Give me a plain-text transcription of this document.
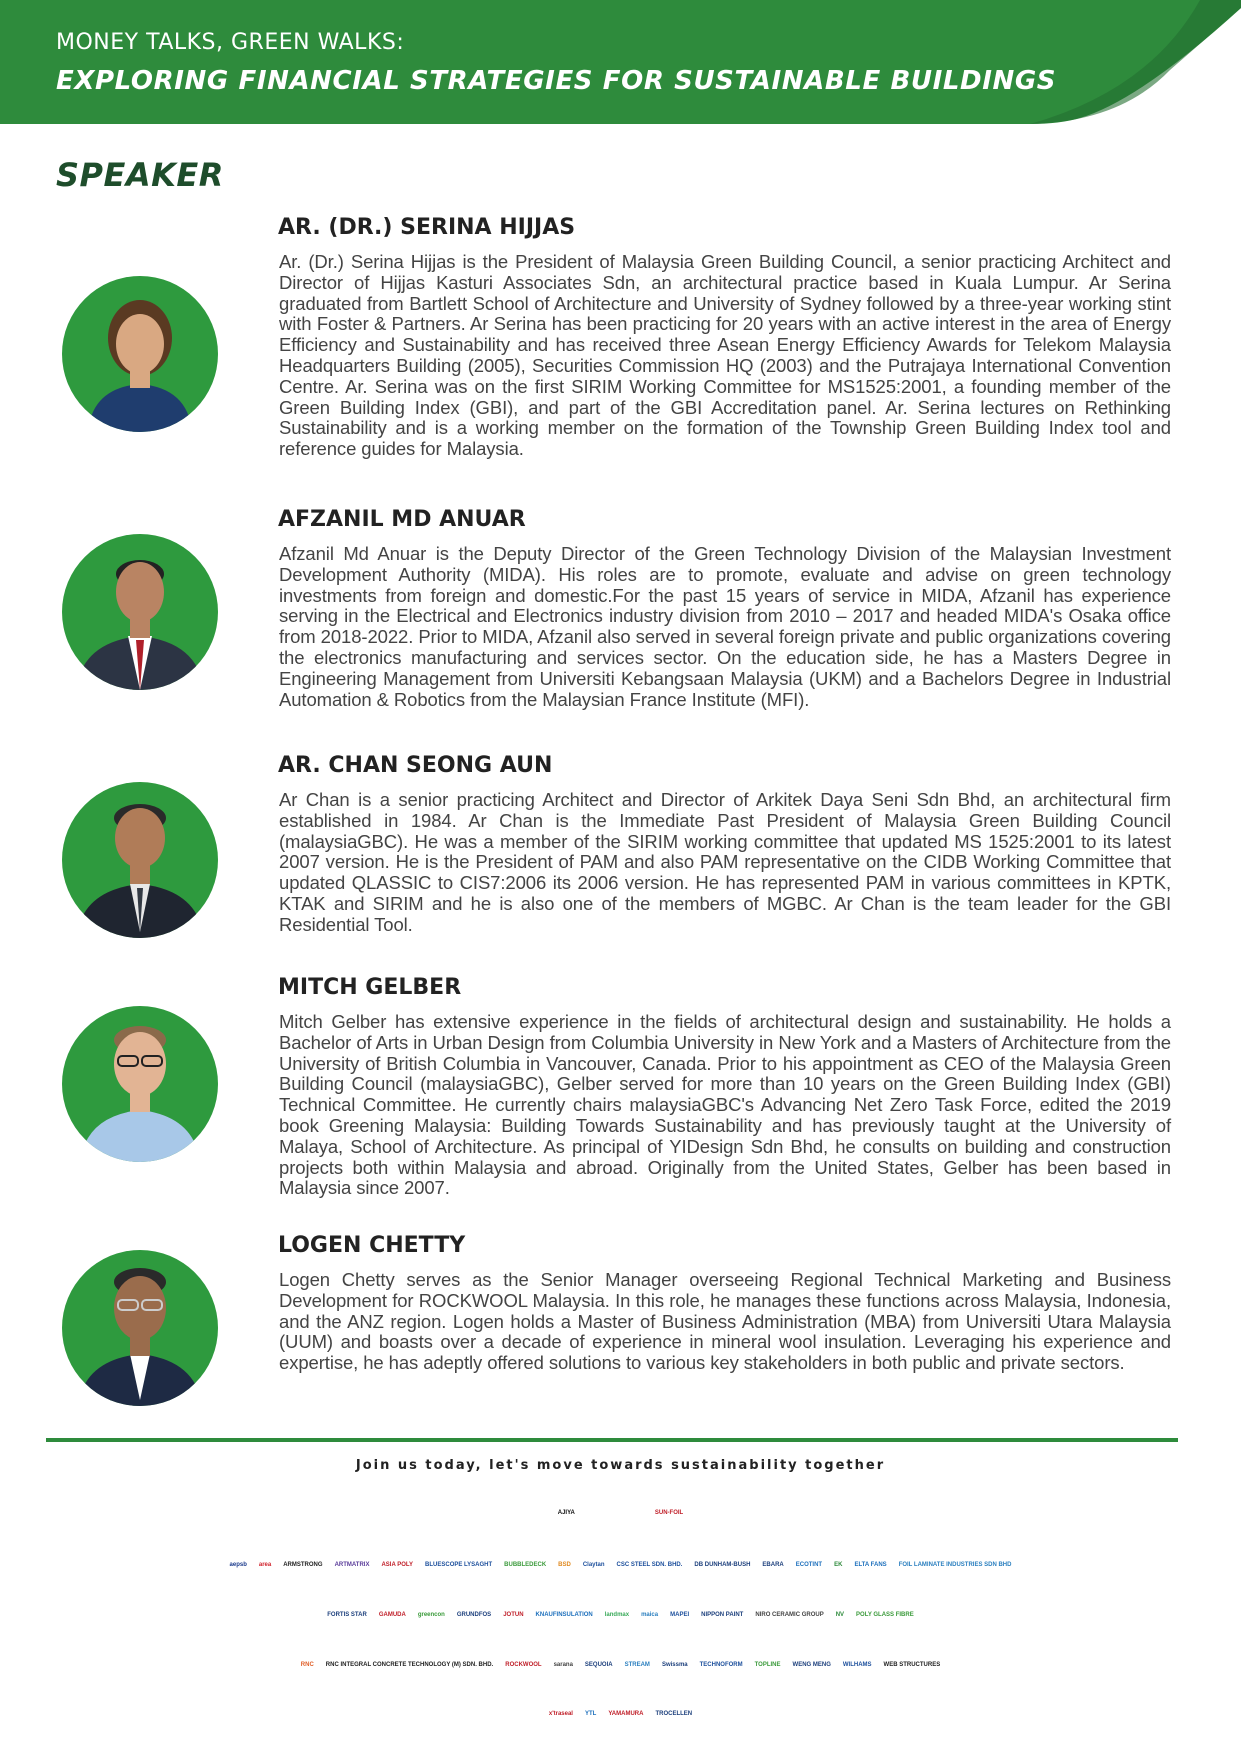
MONEY TALKS, GREEN WALKS:
EXPLORING FINANCIAL STRATEGIES FOR SUSTAINABLE BUILDINGS
SPEAKER
AR. (DR.) SERINA HIJJAS
Ar. (Dr.) Serina Hijjas is the President of Malaysia Green Building Council, a senior practicing Architect and Director of Hijjas Kasturi Associates Sdn, an architectural practice based in Kuala Lumpur. Ar Serina graduated from Bartlett School of Architecture and University of Sydney followed by a three-year working stint with Foster & Partners. Ar Serina has been practicing for 20 years with an active interest in the area of Energy Efficiency and Sustainability and has received three Asean Energy Efficiency Awards for Telekom Malaysia Headquarters Building (2005), Securities Commission HQ (2003) and the Putrajaya International Convention Centre. Ar. Serina was on the first SIRIM Working Committee for MS1525:2001, a founding member of the Green Building Index (GBI), and part of the GBI Accreditation panel. Ar. Serina lectures on Rethinking Sustainability and is a working member on the formation of the Township Green Building Index tool and reference guides for Malaysia.
AFZANIL MD ANUAR
Afzanil Md Anuar is the Deputy Director of the Green Technology Division of the Malaysian Investment Development Authority (MIDA). His roles are to promote, evaluate and advise on green technology investments from foreign and domestic.For the past 15 years of service in MIDA, Afzanil has experience serving in the Electrical and Electronics industry division from 2010 – 2017 and headed MIDA's Osaka office from 2018-2022. Prior to MIDA, Afzanil also served in several foreign private and public organizations covering the electronics manufacturing and services sector. On the education side, he has a Masters Degree in Engineering Management from Universiti Kebangsaan Malaysia (UKM) and a Bachelors Degree in Industrial Automation & Robotics from the Malaysian France Institute (MFI).
AR. CHAN SEONG AUN
Ar Chan is a senior practicing Architect and Director of Arkitek Daya Seni Sdn Bhd, an architectural firm established in 1984. Ar Chan is the Immediate Past President of Malaysia Green Building Council (malaysiaGBC). He was a member of the SIRIM working committee that updated MS 1525:2001 to its latest 2007 version. He is the President of PAM and also PAM representative on the CIDB Working Committee that updated QLASSIC to CIS7:2006 its 2006 version. He has represented PAM in various committees in KPTK, KTAK and SIRIM and he is also one of the members of MGBC. Ar Chan is the team leader for the GBI Residential Tool.
MITCH GELBER
Mitch Gelber has extensive experience in the fields of architectural design and sustainability. He holds a Bachelor of Arts in Urban Design from Columbia University in New York and a Masters of Architecture from the University of British Columbia in Vancouver, Canada. Prior to his appointment as CEO of the Malaysia Green Building Council (malaysiaGBC), Gelber served for more than 10 years on the Green Building Index (GBI) Technical Committee. He currently chairs malaysiaGBC's Advancing Net Zero Task Force, edited the 2019 book Greening Malaysia: Building Towards Sustainability and has previously taught at the University of Malaya, School of Architecture. As principal of YIDesign Sdn Bhd, he consults on building and construction projects both within Malaysia and abroad. Originally from the United States, Gelber has been based in Malaysia since 2007.
LOGEN CHETTY
Logen Chetty serves as the Senior Manager overseeing Regional Technical Marketing and Business Development for ROCKWOOL Malaysia. In this role, he manages these functions across Malaysia, Indonesia, and the ANZ region. Logen holds a Master of Business Administration (MBA) from Universiti Utara Malaysia (UUM) and boasts over a decade of experience in mineral wool insulation. Leveraging his experience and expertise, he has adeptly offered solutions to various key stakeholders in both public and private sectors.
Join us today, let's move towards sustainability together
AJIYA	SUN-FOIL
aepsb area ARMSTRONG ARTMATRIX ASIA POLY BLUESCOPE LYSAGHT BUBBLEDECK BSD Claytan CSC STEEL SDN. BHD. DB DUNHAM-BUSH EBARA ECOTINT EK ELTA FANS FOIL LAMINATE INDUSTRIES SDN BHD
FORTIS STAR GAMUDA greencon GRUNDFOS JOTUN KNAUFINSULATION landmax maica MAPEI NIPPON PAINT NIRO CERAMIC GROUP NV POLY GLASS FIBRE
RNC RNC INTEGRAL CONCRETE TECHNOLOGY (M) SDN. BHD. ROCKWOOL sarana SEQUOIA STREAM Swissma TECHNOFORM TOPLINE WENG MENG WILHAMS WEB STRUCTURES
x'traseal YTL YAMAMURA TROCELLEN
